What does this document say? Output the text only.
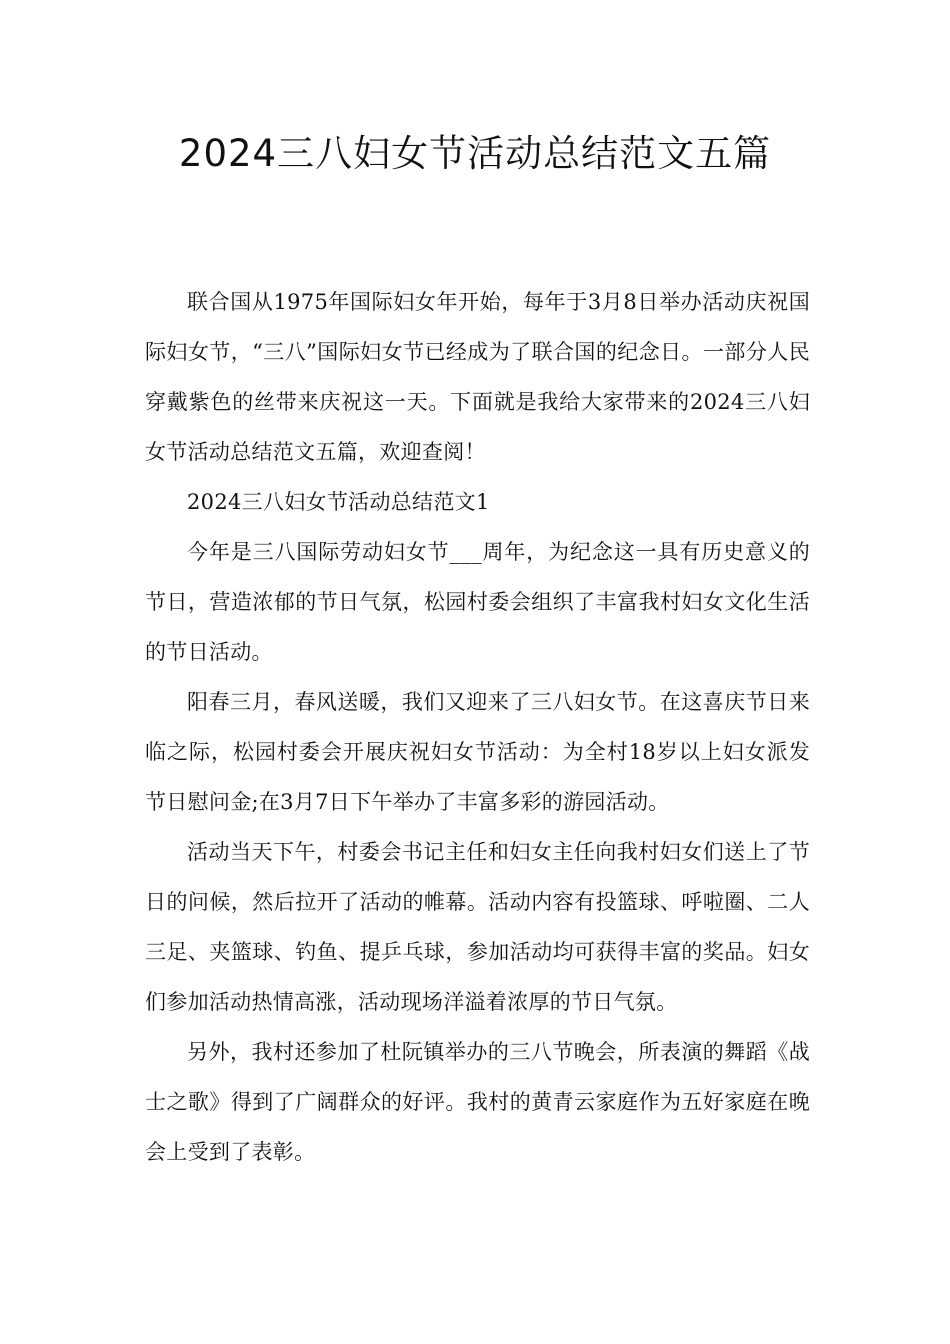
2024三八妇女节活动总结范文五篇

联合国从1975年国际妇女年开始，每年于3月8日举办活动庆祝国际妇女节，“三八”国际妇女节已经成为了联合国的纪念日。一部分人民穿戴紫色的丝带来庆祝这一天。下面就是我给大家带来的2024三八妇女节活动总结范文五篇，欢迎查阅！

2024三八妇女节活动总结范文1

今年是三八国际劳动妇女节___周年，为纪念这一具有历史意义的节日，营造浓郁的节日气氛，松园村委会组织了丰富我村妇女文化生活的节日活动。

阳春三月，春风送暖，我们又迎来了三八妇女节。在这喜庆节日来临之际，松园村委会开展庆祝妇女节活动：为全村18岁以上妇女派发节日慰问金;在3月7日下午举办了丰富多彩的游园活动。

活动当天下午，村委会书记主任和妇女主任向我村妇女们送上了节日的问候，然后拉开了活动的帷幕。活动内容有投篮球、呼啦圈、二人三足、夹篮球、钓鱼、提乒乓球，参加活动均可获得丰富的奖品。妇女们参加活动热情高涨，活动现场洋溢着浓厚的节日气氛。

另外，我村还参加了杜阮镇举办的三八节晚会，所表演的舞蹈《战士之歌》得到了广阔群众的好评。我村的黄青云家庭作为五好家庭在晚会上受到了表彰。
